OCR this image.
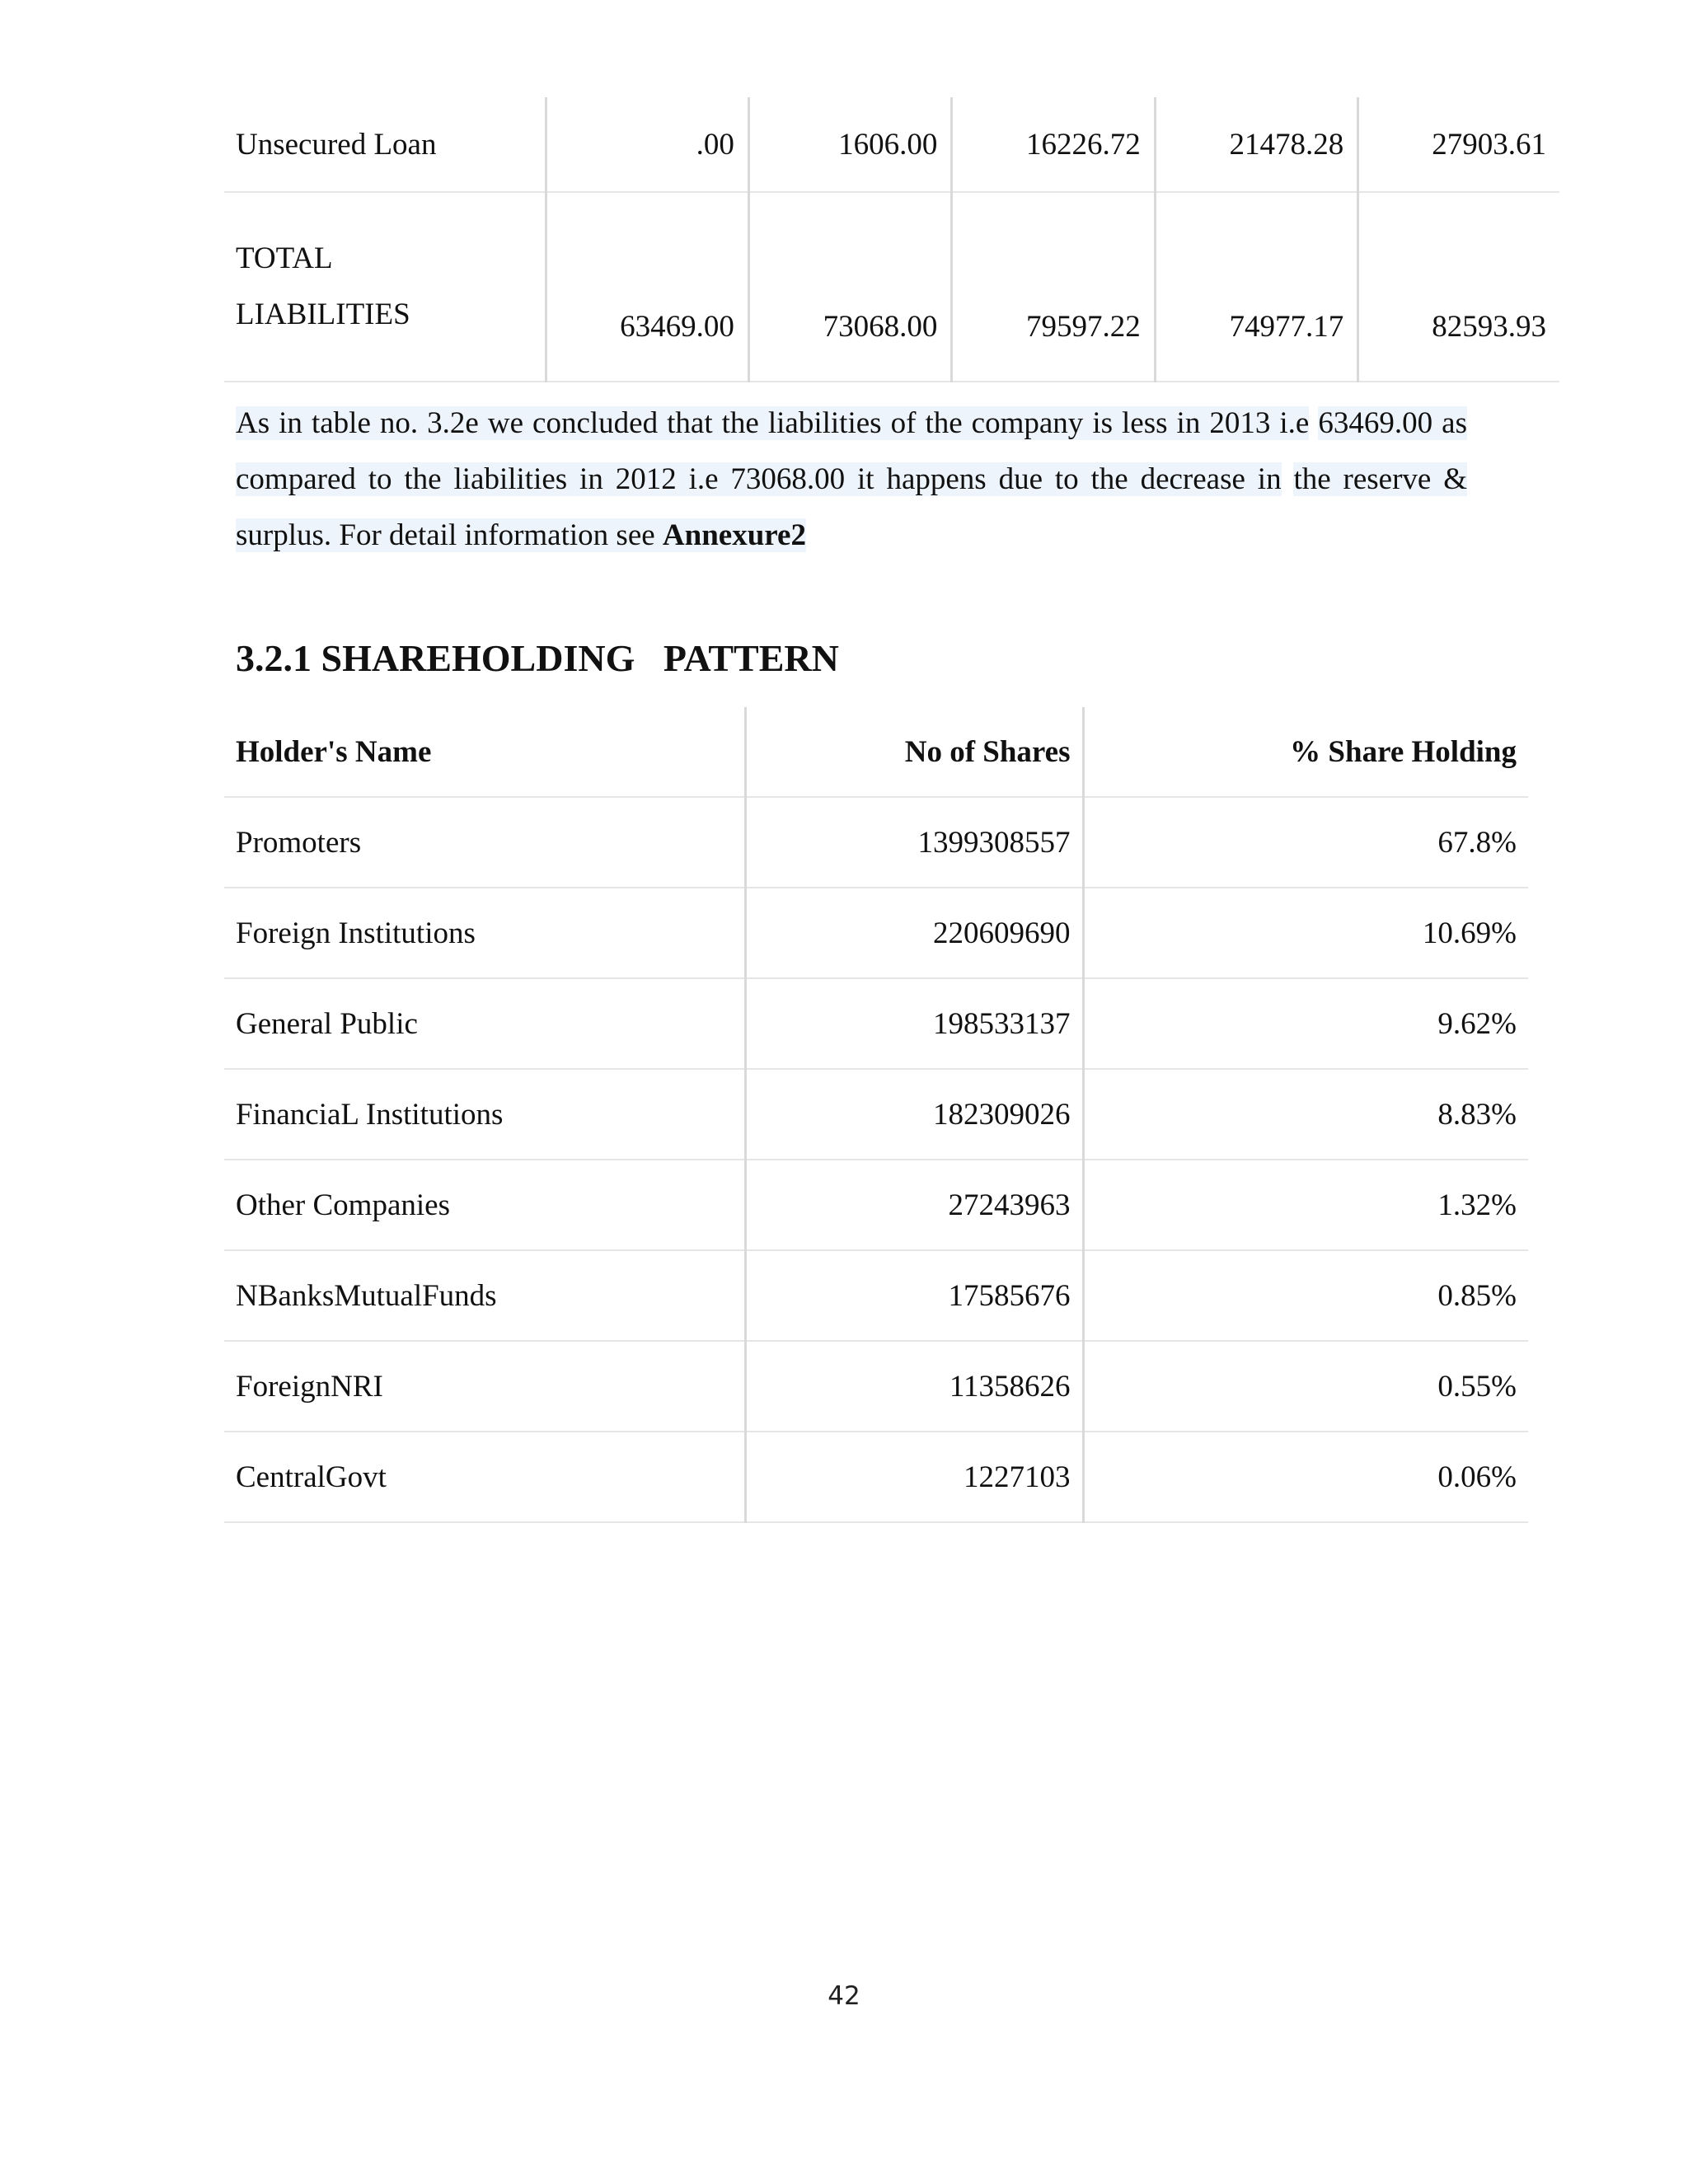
Unsecured Loan	.00	1606.00	16226.72	21478.28	27903.61
TOTAL
LIABILITIES	63469.00	73068.00	79597.22	74977.17	82593.93
As in table no. 3.2e we concluded that the liabilities of the company is less in 2013 i.e 63469.00 as compared to the liabilities in 2012 i.e 73068.00 it happens due to the decrease in the reserve & surplus. For detail information see Annexure2
3.2.1 SHAREHOLDING   PATTERN
Holder's Name	No of Shares	% Share Holding
Promoters	1399308557	67.8%
Foreign Institutions	220609690	10.69%
General Public	198533137	9.62%
FinanciaL Institutions	182309026	8.83%
Other Companies	27243963	1.32%
NBanksMutualFunds	17585676	0.85%
ForeignNRI	11358626	0.55%
CentralGovt	1227103	0.06%
42
